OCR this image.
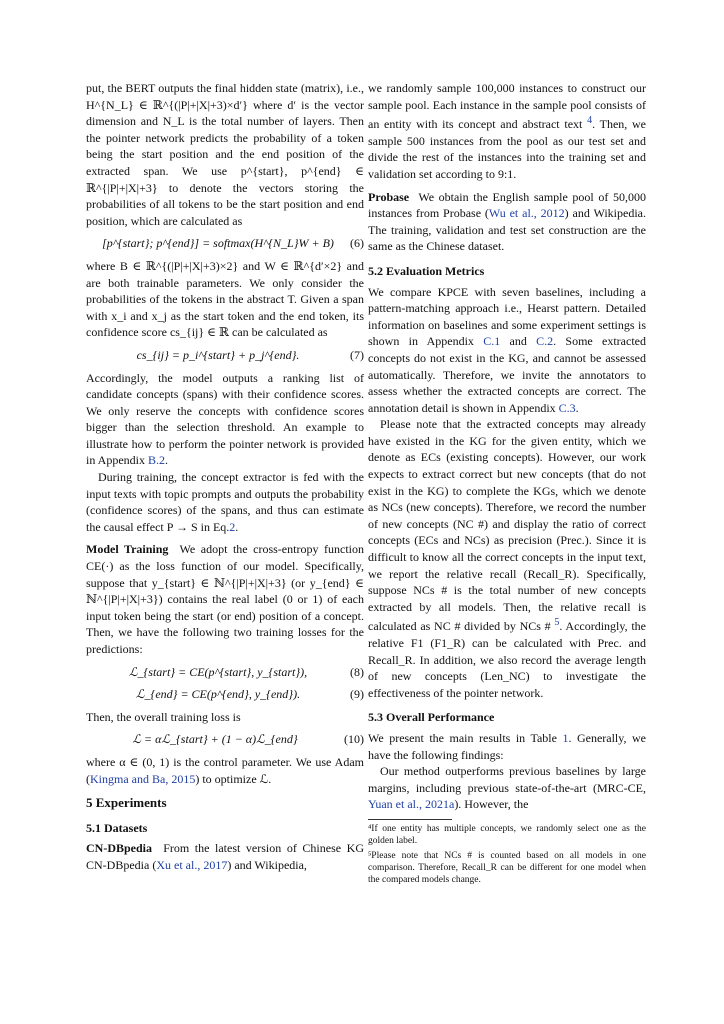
put, the BERT outputs the final hidden state (matrix), i.e., H^{N_L} ∈ ℝ^{(|P|+|X|+3)×d′} where d′ is the vector dimension and N_L is the total number of layers. Then the pointer network predicts the probability of a token being the start position and the end position of the extracted span. We use p^{start}, p^{end} ∈ ℝ^{|P|+|X|+3} to denote the vectors storing the probabilities of all tokens to be the start position and end position, which are calculated as

[p^{start}; p^{end}] = softmax(H^{N_L}W + B)	(6)

where B ∈ ℝ^{(|P|+|X|+3)×2} and W ∈ ℝ^{d′×2} and are both trainable parameters. We only consider the probabilities of the tokens in the abstract T. Given a span with x_i and x_j as the start token and the end token, its confidence score cs_{ij} ∈ ℝ can be calculated as

cs_{ij} = p_i^{start} + p_j^{end}.	(7)

Accordingly, the model outputs a ranking list of candidate concepts (spans) with their confidence scores. We only reserve the concepts with confidence scores bigger than the selection threshold. An example to illustrate how to perform the pointer network is provided in Appendix B.2.

During training, the concept extractor is fed with the input texts with topic prompts and outputs the probability (confidence scores) of the spans, and thus can estimate the causal effect P → S in Eq.2.

Model Training We adopt the cross-entropy function CE(·) as the loss function of our model. Specifically, suppose that y_{start} ∈ ℕ^{|P|+|X|+3} (or y_{end} ∈ ℕ^{|P|+|X|+3}) contains the real label (0 or 1) of each input token being the start (or end) position of a concept. Then, we have the following two training losses for the predictions:

ℒ_{start} = CE(p^{start}, y_{start}),	(8)
ℒ_{end} = CE(p^{end}, y_{end}).	(9)

Then, the overall training loss is

ℒ = αℒ_{start} + (1 − α)ℒ_{end}	(10)

where α ∈ (0, 1) is the control parameter. We use Adam (Kingma and Ba, 2015) to optimize ℒ.

5 Experiments
5.1 Datasets

CN-DBpedia From the latest version of Chinese KG CN-DBpedia (Xu et al., 2017) and Wikipedia,

we randomly sample 100,000 instances to construct our sample pool. Each instance in the sample pool consists of an entity with its concept and abstract text $^4$. Then, we sample 500 instances from the pool as our test set and divide the rest of the instances into the training set and validation set according to 9:1.

Probase We obtain the English sample pool of 50,000 instances from Probase (Wu et al., 2012) and Wikipedia. The training, validation and test set construction are the same as the Chinese dataset.

5.2 Evaluation Metrics

We compare KPCE with seven baselines, including a pattern-matching approach i.e., Hearst pattern. Detailed information on baselines and some experiment settings is shown in Appendix C.1 and C.2. Some extracted concepts do not exist in the KG, and cannot be assessed automatically. Therefore, we invite the annotators to assess whether the extracted concepts are correct. The annotation detail is shown in Appendix C.3.

Please note that the extracted concepts may already have existed in the KG for the given entity, which we denote as ECs (existing concepts). However, our work expects to extract correct but new concepts (that do not exist in the KG) to complete the KGs, which we denote as NCs (new concepts). Therefore, we record the number of new concepts (NC #) and display the ratio of correct concepts (ECs and NCs) as precision (Prec.). Since it is difficult to know all the correct concepts in the input text, we report the relative recall (Recall_R). Specifically, suppose NCs # is the total number of new concepts extracted by all models. Then, the relative recall is calculated as NC # divided by NCs # $^5$. Accordingly, the relative F1 (F1_R) can be calculated with Prec. and Recall_R. In addition, we also record the average length of new concepts (Len_NC) to investigate the effectiveness of the pointer network.

5.3 Overall Performance

We present the main results in Table 1. Generally, we have the following findings:

Our method outperforms previous baselines by large margins, including previous state-of-the-art (MRC-CE, Yuan et al., 2021a). However, the

⁴If one entity has multiple concepts, we randomly select one as the golden label.

⁵Please note that NCs # is counted based on all models in one comparison. Therefore, Recall_R can be different for one model when the compared models change.
